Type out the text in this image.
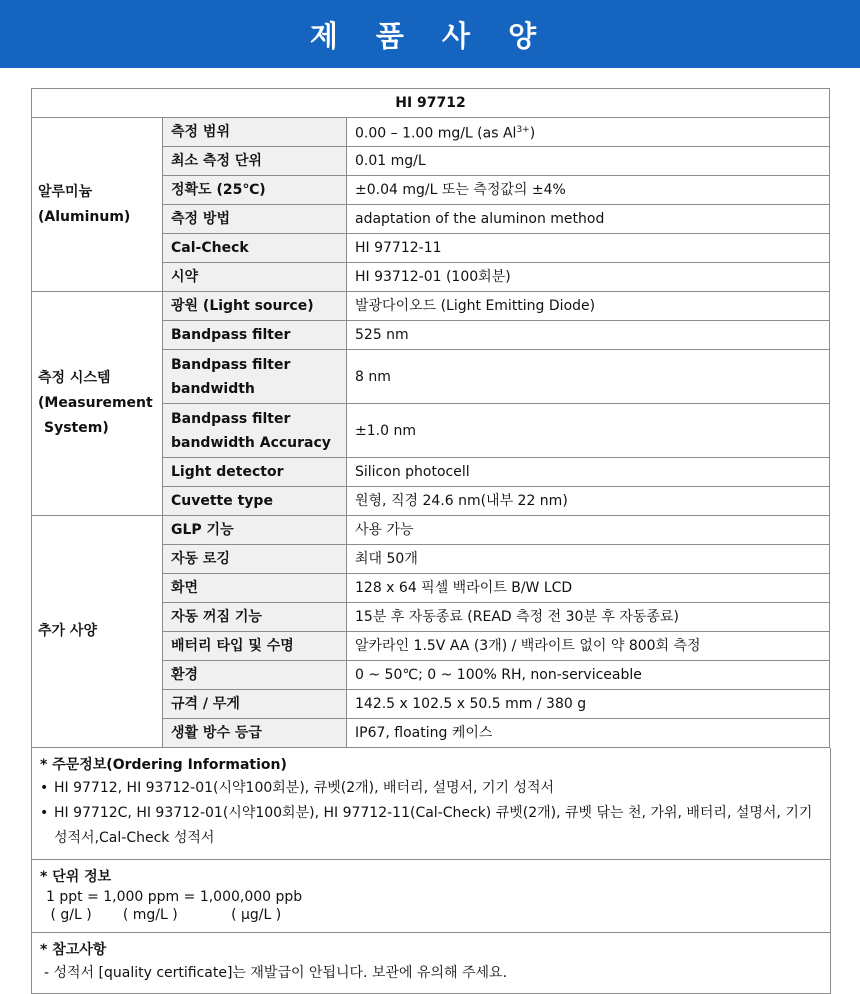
제 품 사 양
HI 97712		

알루미늄
(Aluminum)	측정 범위	0.00 – 1.00 mg/L (as $Al^{3+}$)
	최소 측정 단위	0.01 mg/L
	정확도 (25℃)	±0.04 mg/L 또는 측정값의 ±4%
	측정 방법	adaptation of the aluminon method
	Cal-Check	HI 97712-11
	시약	HI 93712-01 (100회분)

측정 시스템
(Measurement
System)	광원 (Light source)	발광다이오드 (Light Emitting Diode)
	Bandpass filter	525 nm

	Bandpass filter
bandwidth	8 nm

	Bandpass filter
bandwidth Accuracy	±1.0 nm
	Light detector	Silicon photocell
	Cuvette type	원형, 직경 24.6 nm(내부 22 nm)

추가 사양	GLP 기능	사용 가능
	자동 로깅	최대 50개
	화면	128 x 64 픽셀 백라이트 B/W LCD
	자동 꺼짐 기능	15분 후 자동종료 (READ 측정 전 30분 후 자동종료)
	배터리 타입 및 수명	알카라인 1.5V AA (3개) / 백라이트 없이 약 800회 측정
	환경	0 ~ 50℃; 0 ~ 100% RH, non-serviceable
	규격 / 무게	142.5 x 102.5 x 50.5 mm / 380 g
	생활 방수 등급	IP67, floating 케이스
* 주문정보(Ordering Information)
• HI 97712, HI 93712-01(시약100회분), 큐벳(2개), 배터리, 설명서, 기기 성적서
• HI 97712C, HI 93712-01(시약100회분), HI 97712-11(Cal-Check) 큐벳(2개), 큐벳 닦는 천, 가위, 배터리, 설명서, 기기 성적서,Cal-Check 성적서
* 단위 정보
1 ppt = 1,000 ppm = 1,000,000 ppb
( g/L )       ( mg/L )            ( µg/L )
* 참고사항
- 성적서 [quality certificate]는 재발급이 안됩니다. 보관에 유의해 주세요.
